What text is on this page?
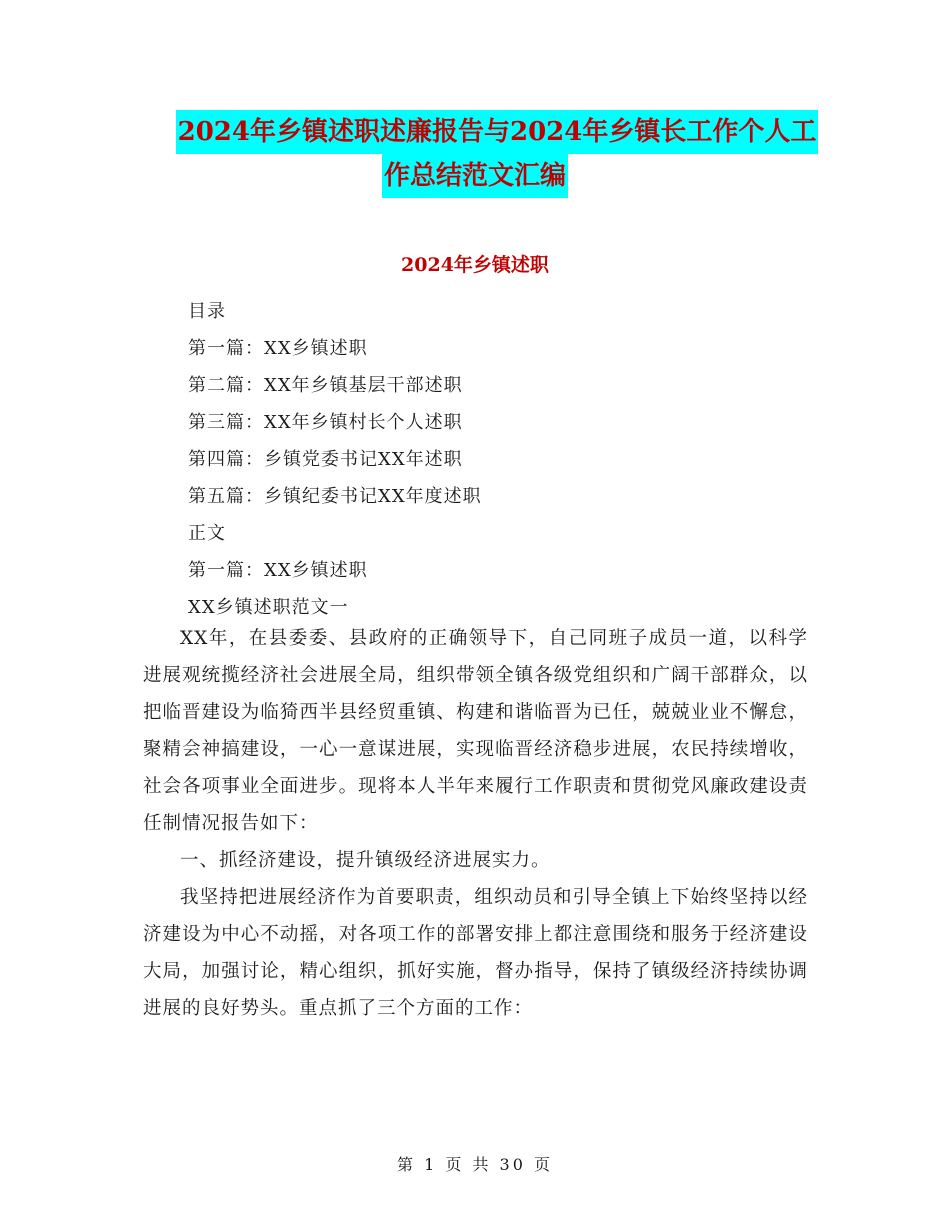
2024年乡镇述职述廉报告与2024年乡镇长工作个人工
作总结范文汇编
2024年乡镇述职
目录
第一篇：XX乡镇述职
第二篇：XX年乡镇基层干部述职
第三篇：XX年乡镇村长个人述职
第四篇：乡镇党委书记XX年述职
第五篇：乡镇纪委书记XX年度述职
正文
第一篇：XX乡镇述职
XX乡镇述职范文一

XX年，在县委委、县政府的正确领导下，自己同班子成员一道，以科学进展观统揽经济社会进展全局，组织带领全镇各级党组织和广阔干部群众，以把临晋建设为临猗西半县经贸重镇、构建和谐临晋为已任，兢兢业业不懈怠，聚精会神搞建设，一心一意谋进展，实现临晋经济稳步进展，农民持续增收，社会各项事业全面进步。现将本人半年来履行工作职责和贯彻党风廉政建设责任制情况报告如下：

一、抓经济建设，提升镇级经济进展实力。

我坚持把进展经济作为首要职责，组织动员和引导全镇上下始终坚持以经济建设为中心不动摇，对各项工作的部署安排上都注意围绕和服务于经济建设大局，加强讨论，精心组织，抓好实施，督办指导，保持了镇级经济持续协调进展的良好势头。重点抓了三个方面的工作：

第 1 页 共 30 页
